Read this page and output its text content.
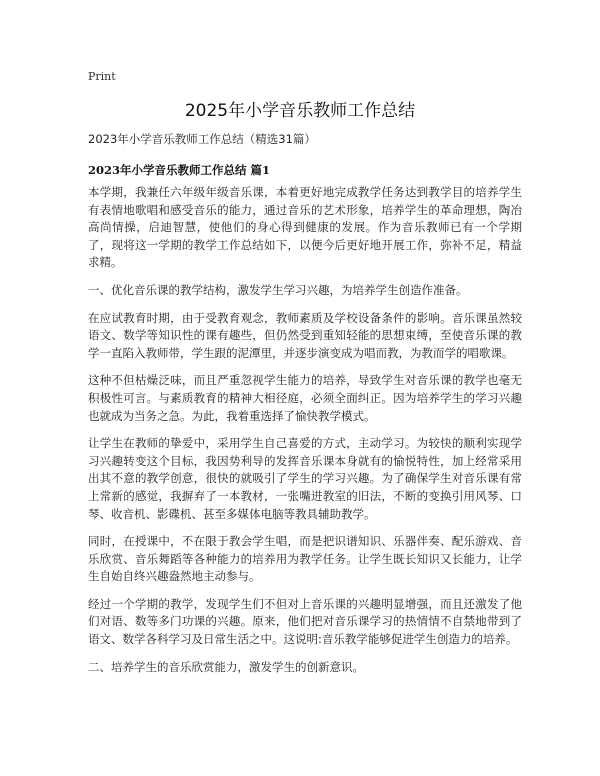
Print
2025年小学音乐教师工作总结
2023年小学音乐教师工作总结（精选31篇）
2023年小学音乐教师工作总结 篇1

本学期，我兼任六年级年级音乐课，本着更好地完成教学任务达到教学目的培养学生有表情地歌唱和感受音乐的能力，通过音乐的艺术形象，培养学生的革命理想，陶冶高尚情操，启迪智慧，使他们的身心得到健康的发展。作为音乐教师已有一个学期了，现将这一学期的教学工作总结如下，以便今后更好地开展工作，弥补不足，精益求精。

一、优化音乐课的教学结构，激发学生学习兴趣，为培养学生创造作准备。

在应试教育时期，由于受教育观念，教师素质及学校设备条件的影响。音乐课虽然较语文、数学等知识性的课有趣些，但仍然受到重知轻能的思想束缚，至使音乐课的教学一直陷入教师带，学生跟的泥潭里，并逐步演变成为唱而教，为教而学的唱歌课。

这种不但枯燥泛味，而且严重忽视学生能力的培养，导致学生对音乐课的教学也毫无积极性可言。与素质教育的精神大相径庭，必须全面纠正。因为培养学生的学习兴趣也就成为当务之急。为此，我着重选择了愉快教学模式。

让学生在教师的挚爱中，采用学生自己喜爱的方式，主动学习。为较快的顺利实现学习兴趣转变这个目标，我因势利导的发挥音乐课本身就有的愉悦特性，加上经常采用出其不意的教学创意，很快的就吸引了学生的学习兴趣。为了确保学生对音乐课有常上常新的感觉，我摒弃了一本教材，一张嘴进教室的旧法，不断的变换引用风琴、口琴、收音机、影碟机、甚至多媒体电脑等教具辅助教学。

同时，在授课中，不在限于教会学生唱，而是把识谱知识、乐器伴奏、配乐游戏、音乐欣赏、音乐舞蹈等各种能力的培养用为教学任务。让学生既长知识又长能力，让学生自始自终兴趣盎然地主动参与。

经过一个学期的教学，发现学生们不但对上音乐课的兴趣明显增强，而且还激发了他们对语、数等多门功课的兴趣。原来，他们把对音乐课学习的热情情不自禁地带到了语文、数学各科学习及日常生活之中。这说明:音乐教学能够促进学生创造力的培养。

二、培养学生的音乐欣赏能力，激发学生的创新意识。
